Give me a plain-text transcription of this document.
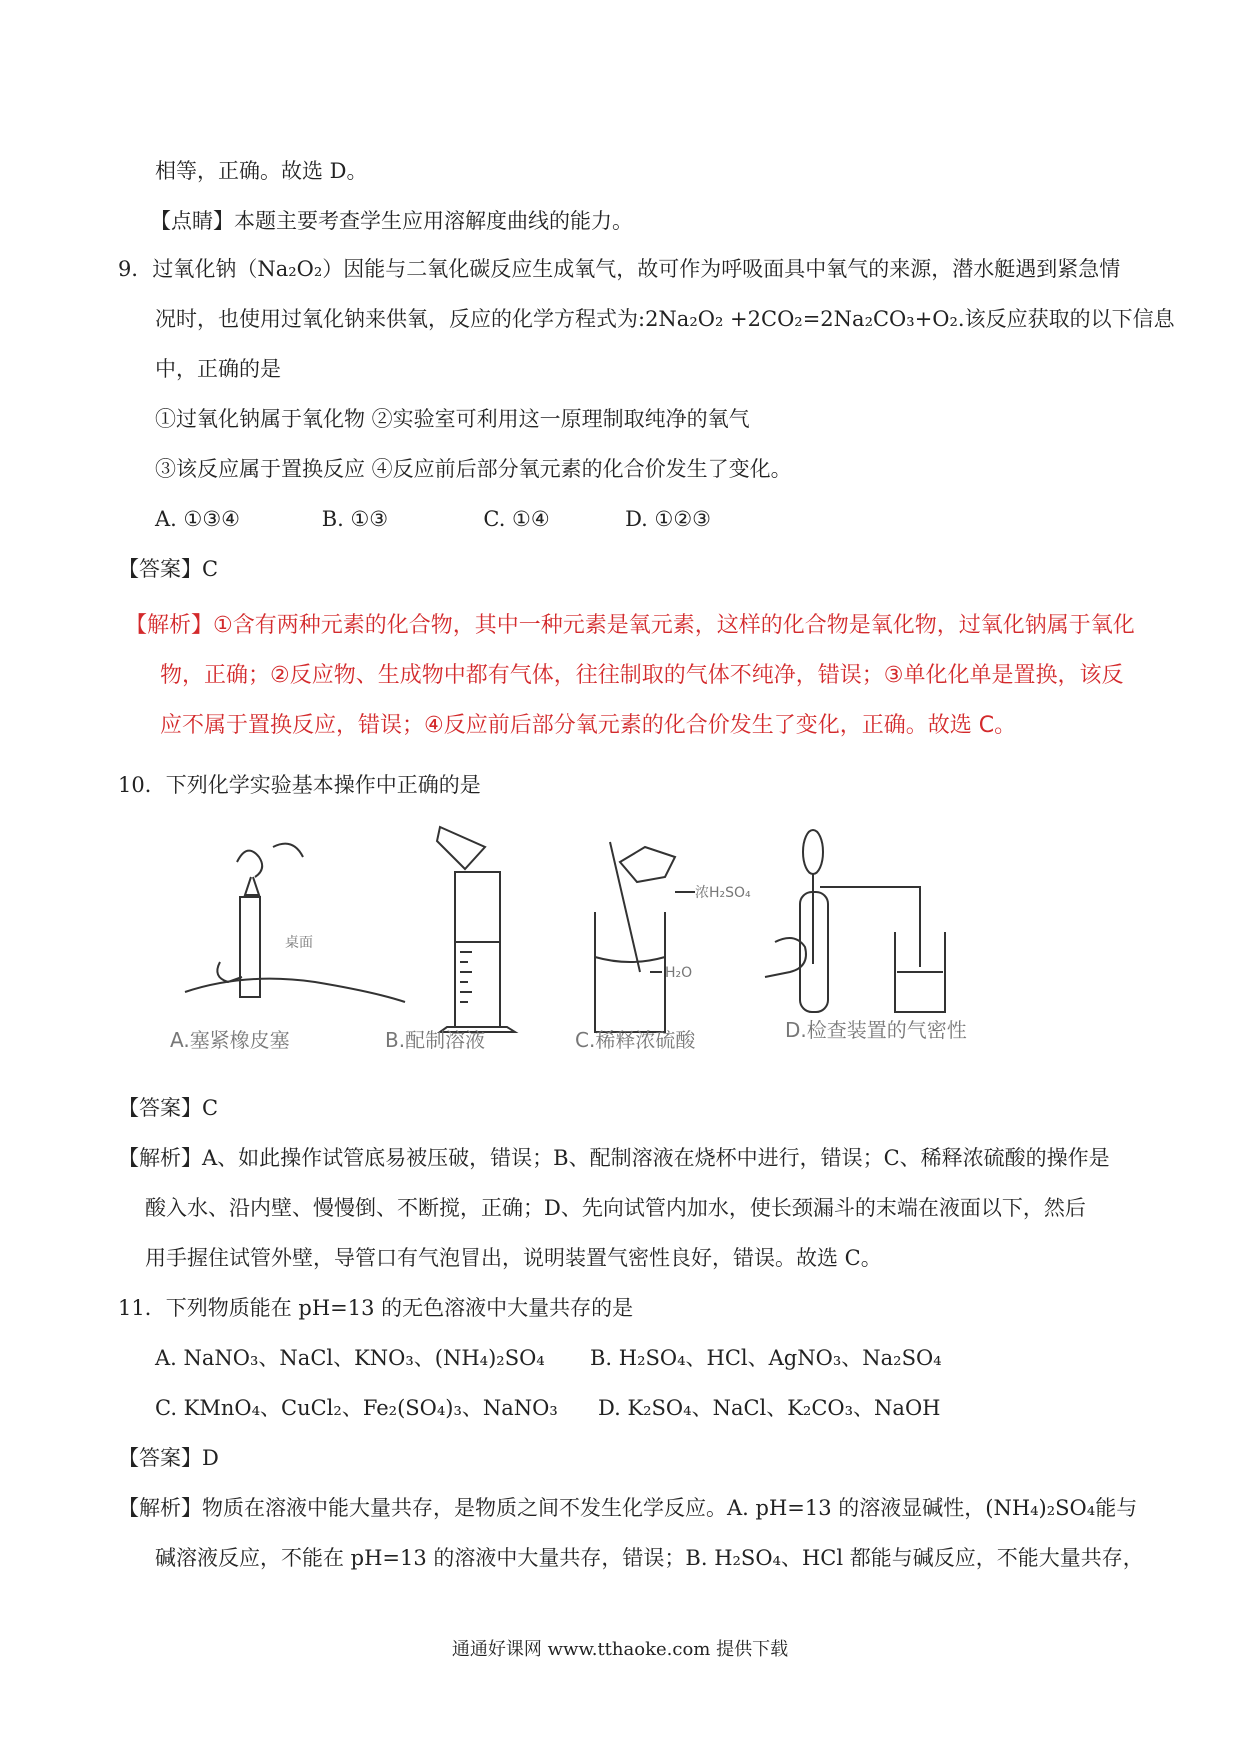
相等，正确。故选 D。
【点睛】本题主要考查学生应用溶解度曲线的能力。
9．过氧化钠（Na₂O₂）因能与二氧化碳反应生成氧气，故可作为呼吸面具中氧气的来源，潜水艇遇到紧急情
况时，也使用过氧化钠来供氧，反应的化学方程式为:2Na₂O₂ +2CO₂=2Na₂CO₃+O₂.该反应获取的以下信息
中，正确的是
①过氧化钠属于氧化物 ②实验室可利用这一原理制取纯净的氧气
③该反应属于置换反应 ④反应前后部分氧元素的化合价发生了变化。
A. ①③④	B. ①③	C. ①④	D. ①②③
【答案】C
【解析】①含有两种元素的化合物，其中一种元素是氧元素，这样的化合物是氧化物，过氧化钠属于氧化
物，正确；②反应物、生成物中都有气体，往往制取的气体不纯净，错误；③单化化单是置换，该反
应不属于置换反应，错误；④反应前后部分氧元素的化合价发生了变化，正确。故选 C。
10．下列化学实验基本操作中正确的是
A.塞紧橡皮塞
桌面
B.配制溶液	C.稀释浓硫酸
浓H₂SO₄
H₂O
D.检查装置的气密性
【答案】C
【解析】A、如此操作试管底易被压破，错误；B、配制溶液在烧杯中进行，错误；C、稀释浓硫酸的操作是
酸入水、沿内壁、慢慢倒、不断搅，正确；D、先向试管内加水，使长颈漏斗的末端在液面以下，然后
用手握住试管外壁，导管口有气泡冒出，说明装置气密性良好，错误。故选 C。
11．下列物质能在 pH=13 的无色溶液中大量共存的是
A. NaNO₃、NaCl、KNO₃、(NH₄)₂SO₄ B. H₂SO₄、HCl、AgNO₃、Na₂SO₄
C. KMnO₄、CuCl₂、Fe₂(SO₄)₃、NaNO₃ D. K₂SO₄、NaCl、K₂CO₃、NaOH
【答案】D
【解析】物质在溶液中能大量共存，是物质之间不发生化学反应。A. pH=13 的溶液显碱性，(NH₄)₂SO₄能与
碱溶液反应，不能在 pH=13 的溶液中大量共存，错误；B. H₂SO₄、HCl 都能与碱反应，不能大量共存，
通通好课网 www.tthaoke.com 提供下载
